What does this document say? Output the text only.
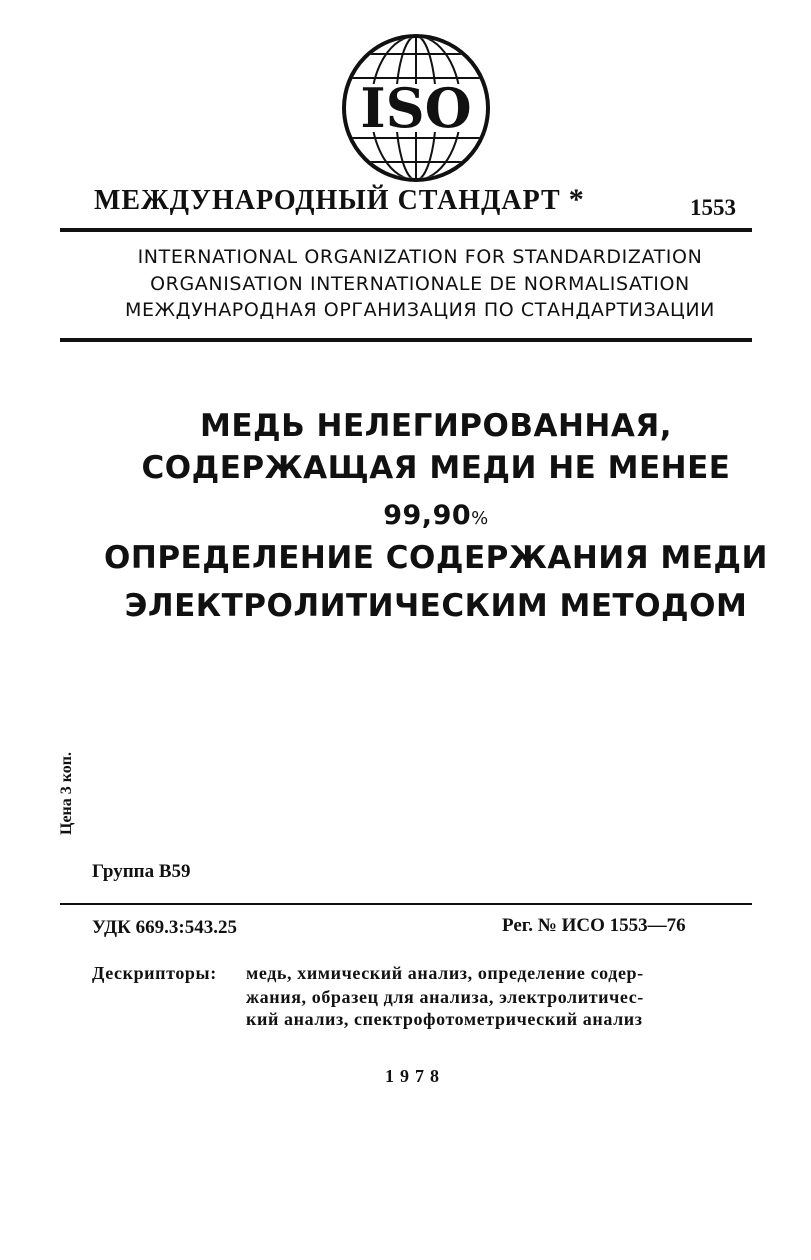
ISO
МЕЖДУНАРОДНЫЙ СТАНДАРТ *	1553
INTERNATIONAL ORGANIZATION FOR STANDARDIZATION
ORGANISATION INTERNATIONALE DE NORMALISATION
МЕЖДУНАРОДНАЯ ОРГАНИЗАЦИЯ ПО СТАНДАРТИЗАЦИИ
МЕДЬ НЕЛЕГИРОВАННАЯ,
СОДЕРЖАЩАЯ МЕДИ НЕ МЕНЕЕ
99,90%
ОПРЕДЕЛЕНИЕ СОДЕРЖАНИЯ МЕДИ
ЭЛЕКТРОЛИТИЧЕСКИМ МЕТОДОМ
Цена 3 коп.
Группа В59
УДК 669.3:543.25	Рег. № ИСО 1553—76
Дескрипторы: медь, химический анализ, определение содер-
жания, образец для анализа, электролитичес-
кий анализ, спектрофотометрический анализ
1978
